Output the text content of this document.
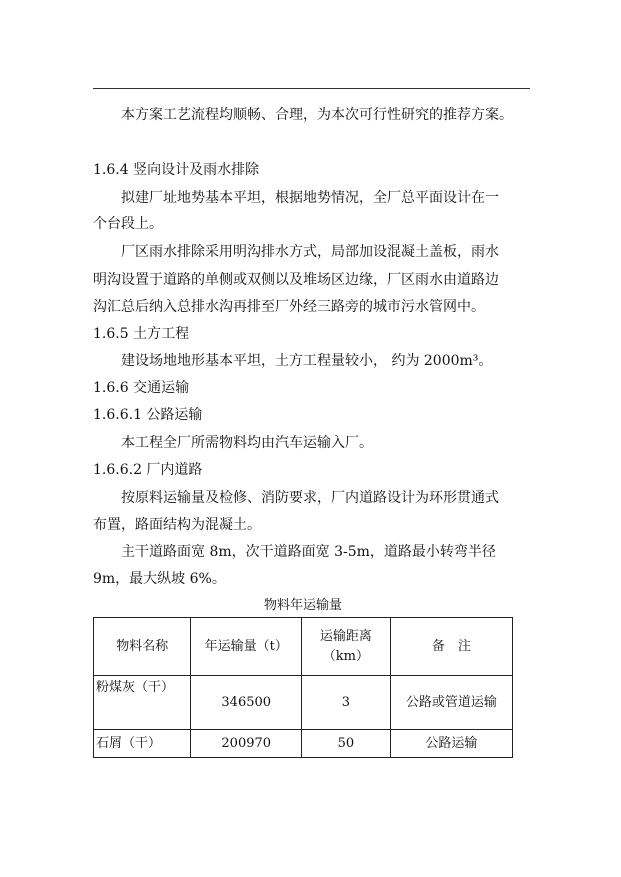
本方案工艺流程均顺畅、合理，为本次可行性研究的推荐方案。
1.6.4 竖向设计及雨水排除
拟建厂址地势基本平坦，根据地势情况，全厂总平面设计在一
个台段上。
厂区雨水排除采用明沟排水方式，局部加设混凝土盖板，雨水
明沟设置于道路的单侧或双侧以及堆场区边缘，厂区雨水由道路边
沟汇总后纳入总排水沟再排至厂外经三路旁的城市污水管网中。
1.6.5 土方工程
建设场地地形基本平坦，土方工程量较小， 约为 2000m³。
1.6.6 交通运输
1.6.6.1 公路运输
本工程全厂所需物料均由汽车运输入厂。
1.6.6.2 厂内道路
按原料运输量及检修、消防要求，厂内道路设计为环形贯通式
布置，路面结构为混凝土。
主干道路面宽 8m，次干道路面宽 3-5m，道路最小转弯半径
9m，最大纵坡 6%。
物料年运输量
物料名称	年运输量（t）	运输距离（km）	备　注
粉煤灰（干）	346500	3	公路或管道运输
石屑（干）	200970	50	公路运输
